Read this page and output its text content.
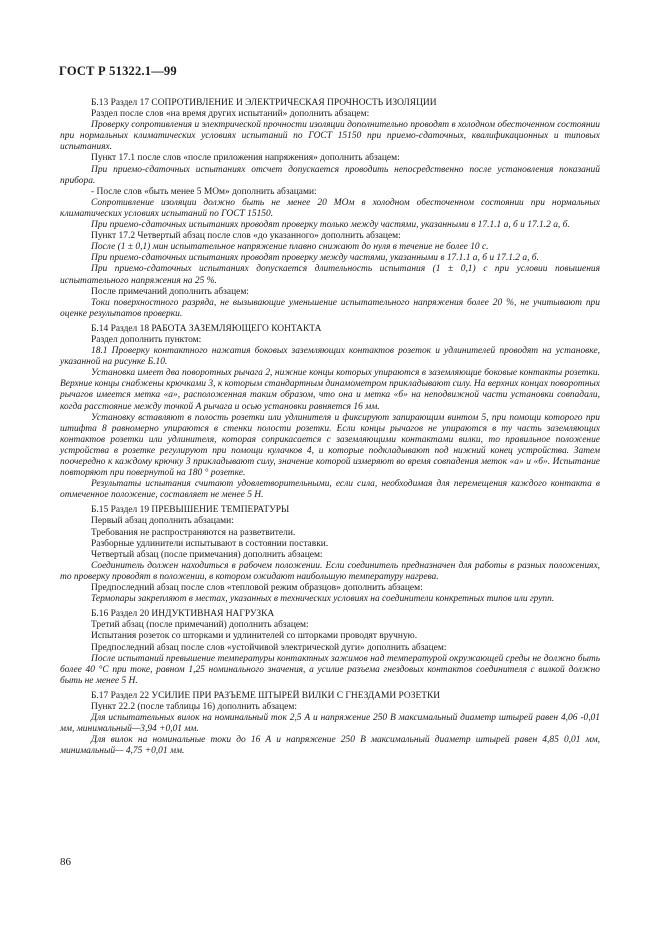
ГОСТ Р 51322.1—99

Б.13 Раздел 17 СОПРОТИВЛЕНИЕ И ЭЛЕКТРИЧЕСКАЯ ПРОЧНОСТЬ ИЗОЛЯЦИИ

Раздел после слов «на время других испытаний» дополнить абзацем:

Проверку сопротивления и электрической прочности изоляции дополнительно проводят в холодном обесточенном состоянии при нормальных климатических условиях испытаний по ГОСТ 15150 при приемо-сдаточных, квалификационных и типовых испытаниях.

Пункт 17.1 после слов «после приложения напряжения» дополнить абзацем:

При приемо-сдаточных испытаниях отсчет допускается проводить непосредственно после установления показаний прибора.

- После слов «быть менее 5 МОм» дополнить абзацами:

Сопротивление изоляции должно быть не менее 20 МОм в холодном обесточенном состоянии при нормальных климатических условиях испытаний по ГОСТ 15150.

При приемо-сдаточных испытаниях проводят проверку только между частями, указанными в 17.1.1 а, б и 17.1.2 а, б.

Пункт 17.2 Четвертый абзац после слов «до указанного» дополнить абзацем:

После (1 ± 0,1) мин испытательное напряжение плавно снижают до нуля в течение не более 10 с.

При приемо-сдаточных испытаниях проводят проверку между частями, указанными в 17.1.1 а, б и 17.1.2 а, б.

При приемо-сдаточных испытаниях допускается длительность испытания (1 ± 0,1) с при условии повышения испытательного напряжения на 25 %.

После примечаний дополнить абзацем:

Токи поверхностного разряда, не вызывающие уменьшение испытательного напряжения более 20 %, не учитывают при оценке результатов проверки.

Б.14 Раздел 18 РАБОТА ЗАЗЕМЛЯЮЩЕГО КОНТАКТА

Раздел дополнить пунктом:

18.1 Проверку контактного нажатия боковых заземляющих контактов розеток и удлинителей проводят на установке, указанной на рисунке Б.10.

Установка имеет два поворотных рычага 2, нижние концы которых упираются в заземляющие боковые контакты розетки. Верхние концы снабжены крючками 3, к которым стандартным динамометром прикладывают силу. На верхних концах поворотных рычагов имеется метка «а», расположенная таким образом, что она и метка «б» на неподвижной части установки совпадали, когда расстояние между точкой А рычага и осью установки равняется 16 мм.

Установку вставляют в полость розетки или удлинителя и фиксируют запирающим винтом 5, при помощи которого при штифта 8 равномерно упираются в стенки полости розетки. Если концы рычагов не упираются в ту часть заземляющих контактов розетки или удлинителя, которая соприкасается с заземляющими контактами вилки, то правильное положение устройства в розетке регулируют при помощи кулачков 4, и которые подкладывают под нижний конец устройства. Затем поочередно к каждому крючку 3 прикладывают силу, значение которой измеряют во время совпадения меток «а» и «б». Испытание повторяют при повернутой на 180 ° розетке.

Результаты испытания считают удовлетворительными, если сила, необходимая для перемещения каждого контакта в отмеченное положение, составляет не менее 5 Н.

Б.15 Раздел 19 ПРЕВЫШЕНИЕ ТЕМПЕРАТУРЫ

Первый абзац дополнить абзацами:

Требования не распространяются на разветвители.

Разборные удлинители испытывают в состоянии поставки.

Четвертый абзац (после примечания) дополнить абзацем:

Соединитель должен находиться в рабочем положении. Если соединитель предназначен для работы в разных положениях, то проверку проводят в положении, в котором ожидают наибольшую температуру нагрева.

Предпоследний абзац после слов «тепловой режим образцов» дополнить абзацем:

Термопары закрепляют в местах, указанных в технических условиях на соединители конкретных типов или групп.

Б.16 Раздел 20 ИНДУКТИВНАЯ НАГРУЗКА

Третий абзац (после примечаний) дополнить абзацем:

Испытания розеток со шторками и удлинителей со шторками проводят вручную.

Предпоследний абзац после слов «устойчивой электрической дуги» дополнить абзацем:

После испытаний превышение температуры контактных зажимов над температурой окружающей среды не должно быть более 40 °С при токе, равном 1,25 номинального значения, а усилие разъема гнездовых контактов соединителя с вилкой должно быть не менее 5 Н.

Б.17 Раздел 22 УСИЛИЕ ПРИ РАЗЪЕМЕ ШТЫРЕЙ ВИЛКИ С ГНЕЗДАМИ РОЗЕТКИ

Пункт 22.2 (после таблицы 16) дополнить абзацем:

Для испытательных вилок на номинальный ток 2,5 А и напряжение 250 В максимальный диаметр штырей равен 4,06 -0,01 мм, минимальный—3,94 +0,01 мм.

Для вилок на номинальные токи до 16 А и напряжение 250 В максимальный диаметр штырей равен 4,85 0,01 мм, минимальный— 4,75 +0,01 мм.

86
